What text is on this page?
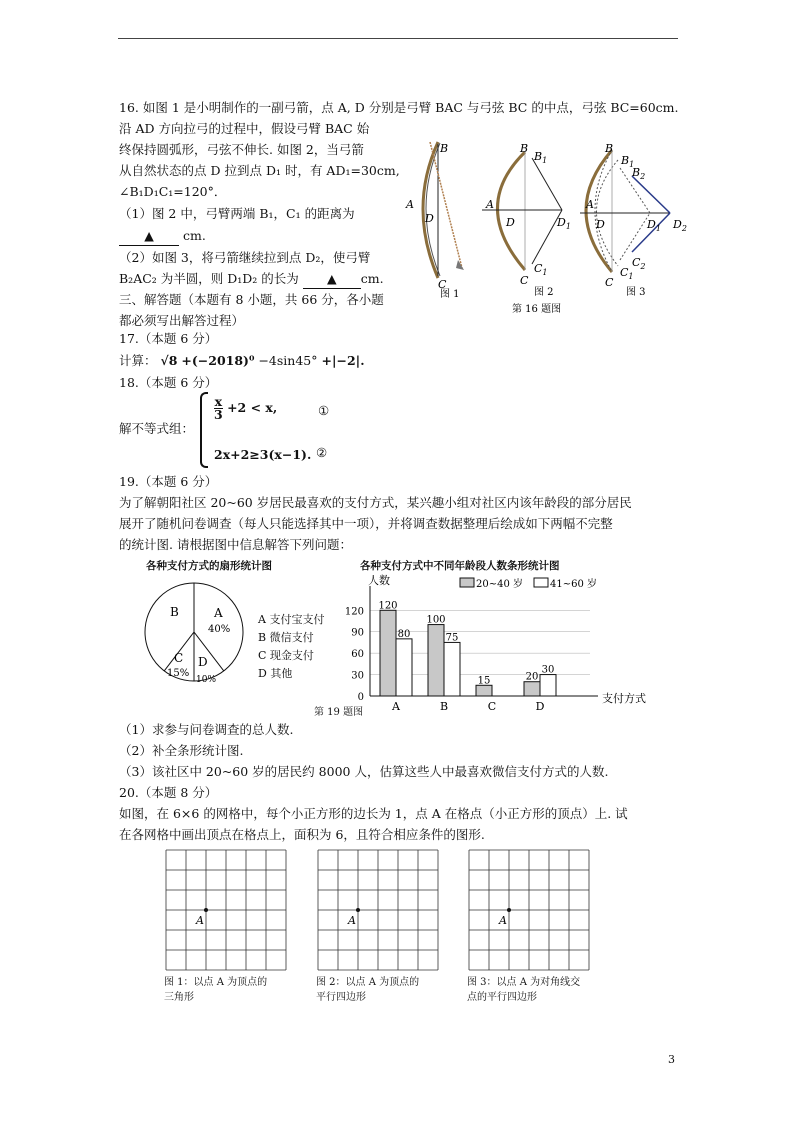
16. 如图 1 是小明制作的一副弓箭，点 A, D 分别是弓臂 BAC 与弓弦 BC 的中点，弓弦 BC=60cm.
沿 AD 方向拉弓的过程中，假设弓臂 BAC 始
终保持圆弧形，弓弦不伸长. 如图 2，当弓箭
从自然状态的点 D 拉到点 D₁ 时，有 AD₁=30cm,
∠B₁D₁C₁=120°．
（1）图 2 中，弓臂两端 B₁，C₁ 的距离为
▲ cm.
（2）如图 3，将弓箭继续拉到点 D₂，使弓臂
B₂AC₂ 为半圆，则 D₁D₂ 的长为 ▲ cm.
三、解答题（本题有 8 小题，共 66 分，各小题
都必须写出解答过程）
B
A
D
C
图 1
B
$B_1$
A
D	$D_1$
$C_1$
C
图 2
B
$B_1$
$B_2$
A
D	$D_1$ $D_2$
$C_2$
$C_1$
C
图 3
第 16 题图
17.（本题 6 分）
计算： √8 +(−2018)⁰ −4sin45° +|−2|.
18.（本题 6 分）
解不等式组：
$\frac{x}{3} +2 < x$,	①
2x+2≥3(x−1). ②
19.（本题 6 分）
为了解朝阳社区 20~60 岁居民最喜欢的支付方式，某兴趣小组对社区内该年龄段的部分居民
展开了随机问卷调查（每人只能选择其中一项），并将调查数据整理后绘成如下两幅不完整
的统计图. 请根据图中信息解答下列问题：
各种支付方式的扇形统计图
B	A
40%
C
15%
D
10%
A 支付宝支付
B 微信支付
C 现金支付
D 其他
各种支付方式中不同年龄段人数条形统计图
人数
0
30
60
90
120
支付方式
20~40 岁	41~60 岁
120
80
A
100
75
B
15
C
20
30
D
第 19 题图
（1）求参与问卷调查的总人数.
（2）补全条形统计图.
（3）该社区中 20~60 岁的居民约 8000 人，估算这些人中最喜欢微信支付方式的人数.
20.（本题 8 分）
如图，在 6×6 的网格中，每个小正方形的边长为 1，点 A 在格点（小正方形的顶点）上. 试
在各网格中画出顶点在格点上，面积为 6，且符合相应条件的图形.
A	A	A
图 1：以点 A 为顶点的
三角形
图 2：以点 A 为顶点的
平行四边形
图 3：以点 A 为对角线交
点的平行四边形
3
